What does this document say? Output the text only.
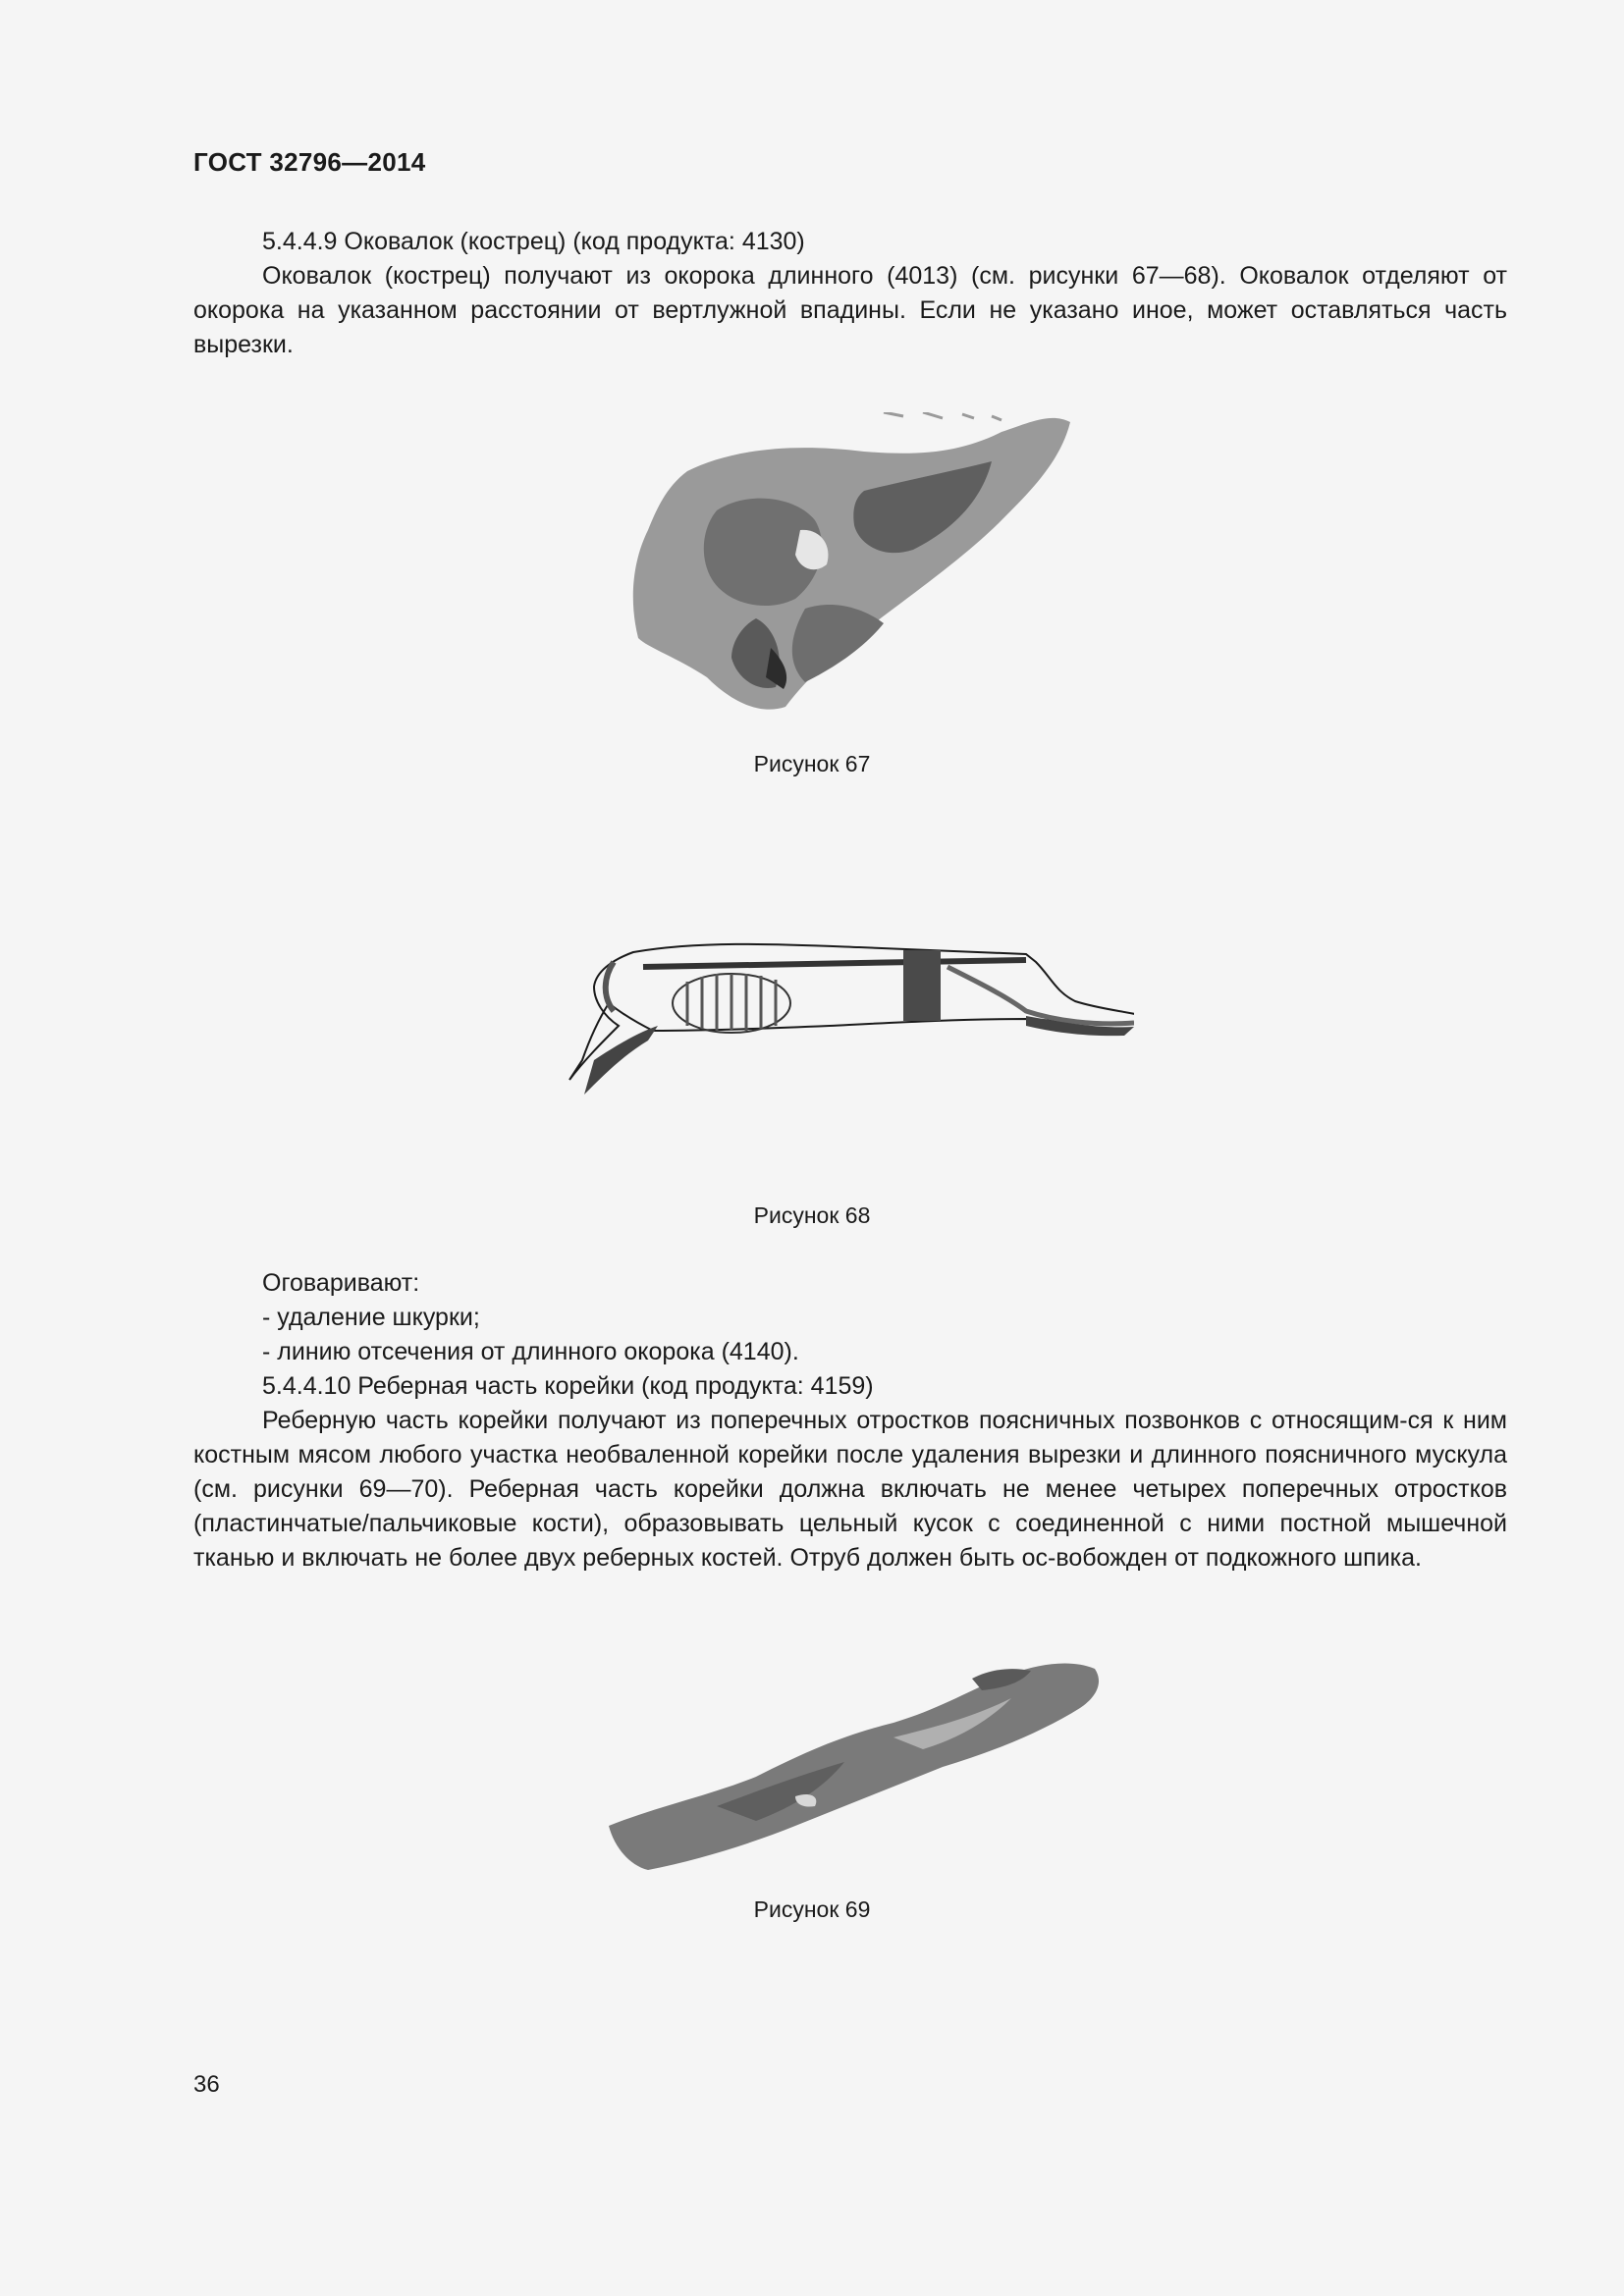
ГОСТ 32796—2014
5.4.4.9 Оковалок (кострец) (код продукта: 4130)
Оковалок (кострец) получают из окорока длинного (4013) (см. рисунки 67—68). Оковалок отделяют от окорока на указанном расстоянии от вертлужной впадины. Если не указано иное, может оставляться часть вырезки.
Рисунок 67
Рисунок 68
Оговаривают:
- удаление шкурки;
- линию отсечения от длинного окорока (4140).
5.4.4.10 Реберная часть корейки (код продукта: 4159)
Реберную часть корейки получают из поперечных отростков поясничных позвонков с относящим-ся к ним костным мясом любого участка необваленной корейки после удаления вырезки и длинного поясничного мускула (см. рисунки 69—70). Реберная часть корейки должна включать не менее четырех поперечных отростков (пластинчатые/пальчиковые кости), образовывать цельный кусок с соединенной с ними постной мышечной тканью и включать не более двух реберных костей. Отруб должен быть ос-вобожден от подкожного шпика.
Рисунок 69
36
